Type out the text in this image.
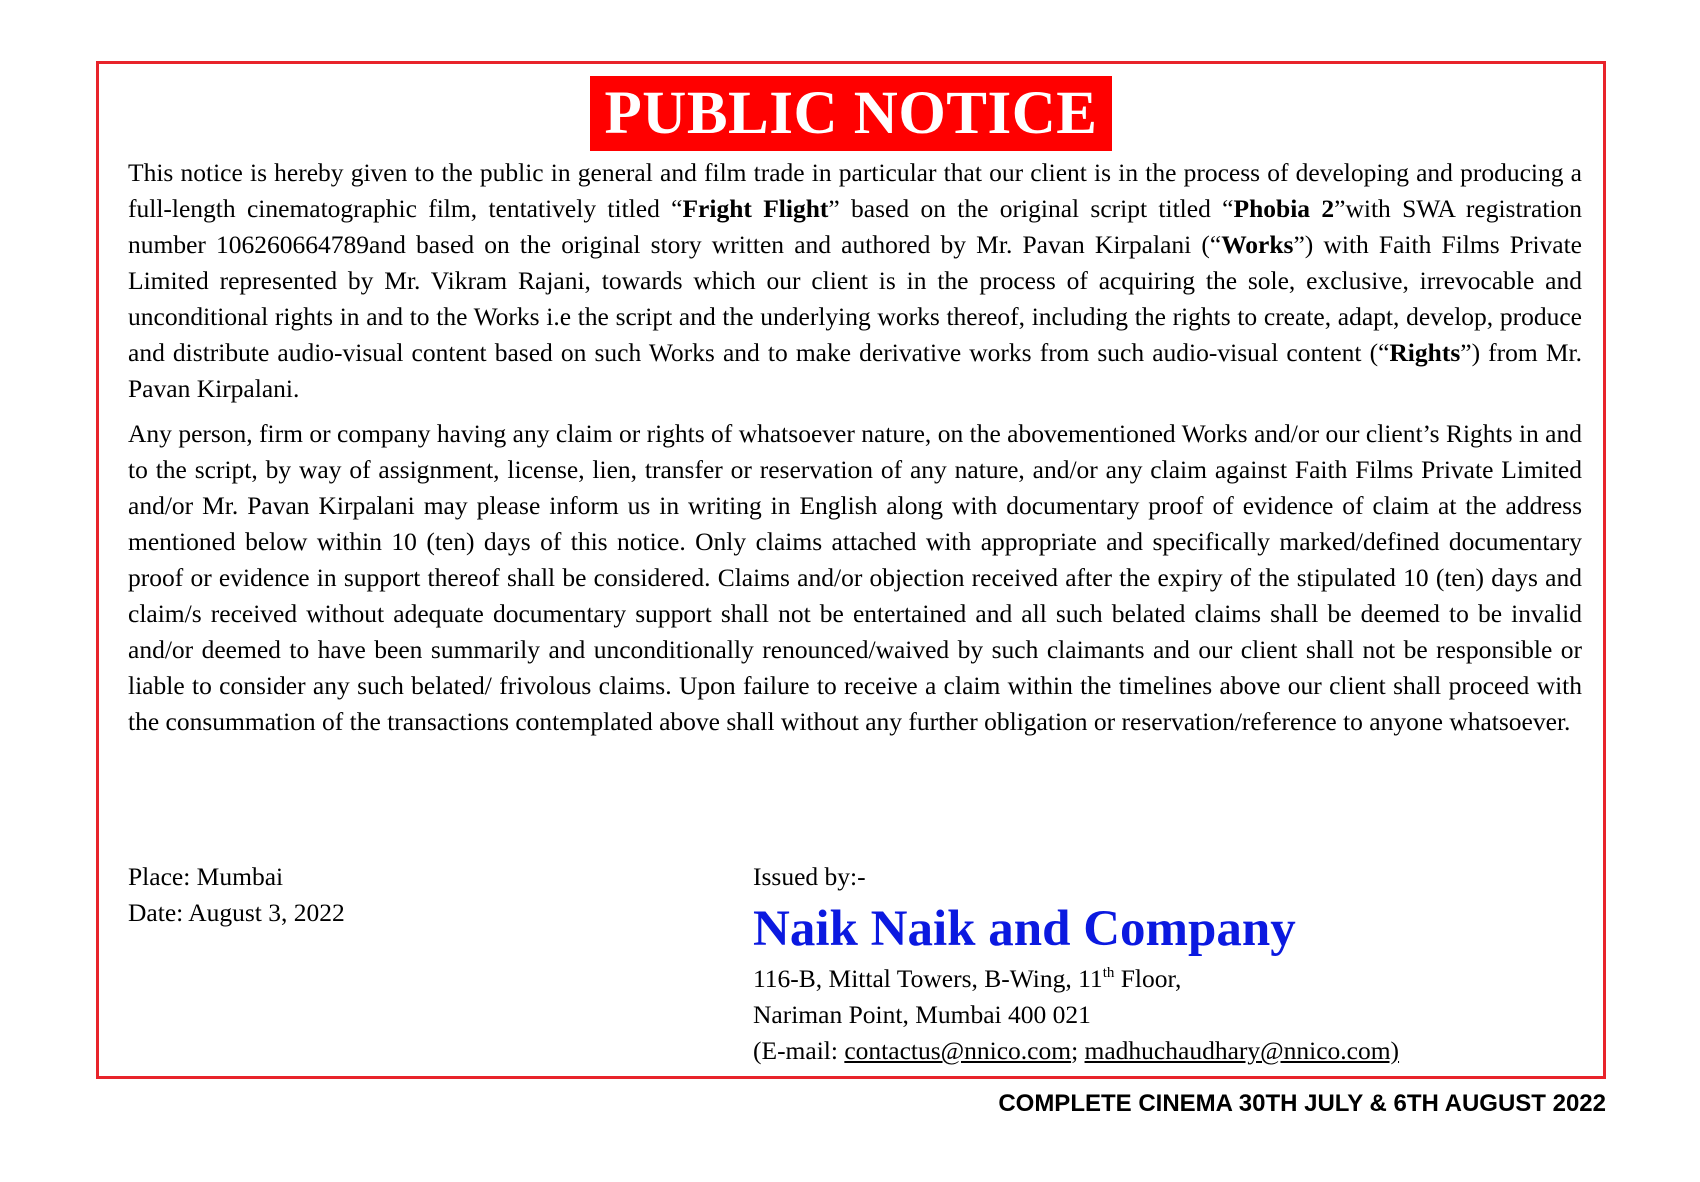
PUBLIC NOTICE

This notice is hereby given to the public in general and film trade in particular that our client is in the process of developing and producing a full-length cinematographic film, tentatively titled “Fright Flight” based on the original script titled “Phobia 2”with SWA registration number 106260664789and based on the original story written and authored by Mr. Pavan Kirpalani (“Works”) with Faith Films Private Limited represented by Mr. Vikram Rajani, towards which our client is in the process of acquiring the sole, exclusive, irrevocable and unconditional rights in and to the Works i.e the script and the underlying works thereof, including the rights to create, adapt, develop, produce and distribute audio-visual content based on such Works and to make derivative works from such audio-visual content (“Rights”) from Mr. Pavan Kirpalani.

Any person, firm or company having any claim or rights of whatsoever nature, on the abovementioned Works and/or our client’s Rights in and to the script, by way of assignment, license, lien, transfer or reservation of any nature, and/or any claim against Faith Films Private Limited and/or Mr. Pavan Kirpalani may please inform us in writing in English along with documentary proof of evidence of claim at the address mentioned below within 10 (ten) days of this notice. Only claims attached with appropriate and specifically marked/defined documentary proof or evidence in support thereof shall be considered. Claims and/or objection received after the expiry of the stipulated 10 (ten) days and claim/s received without adequate documentary support shall not be entertained and all such belated claims shall be deemed to be invalid and/or deemed to have been summarily and unconditionally renounced/waived by such claimants and our client shall not be responsible or liable to consider any such belated/ frivolous claims. Upon failure to receive a claim within the timelines above our client shall proceed with the consummation of the transactions contemplated above shall without any further obligation or reservation/reference to anyone whatsoever.

Place: Mumbai
Date: August 3, 2022
Issued by:-
Naik Naik and Company
116-B, Mittal Towers, B-Wing, 11th Floor,
Nariman Point, Mumbai 400 021
(E-mail: contactus@nnico.com; madhuchaudhary@nnico.com)
COMPLETE CINEMA 30TH JULY & 6TH AUGUST 2022
